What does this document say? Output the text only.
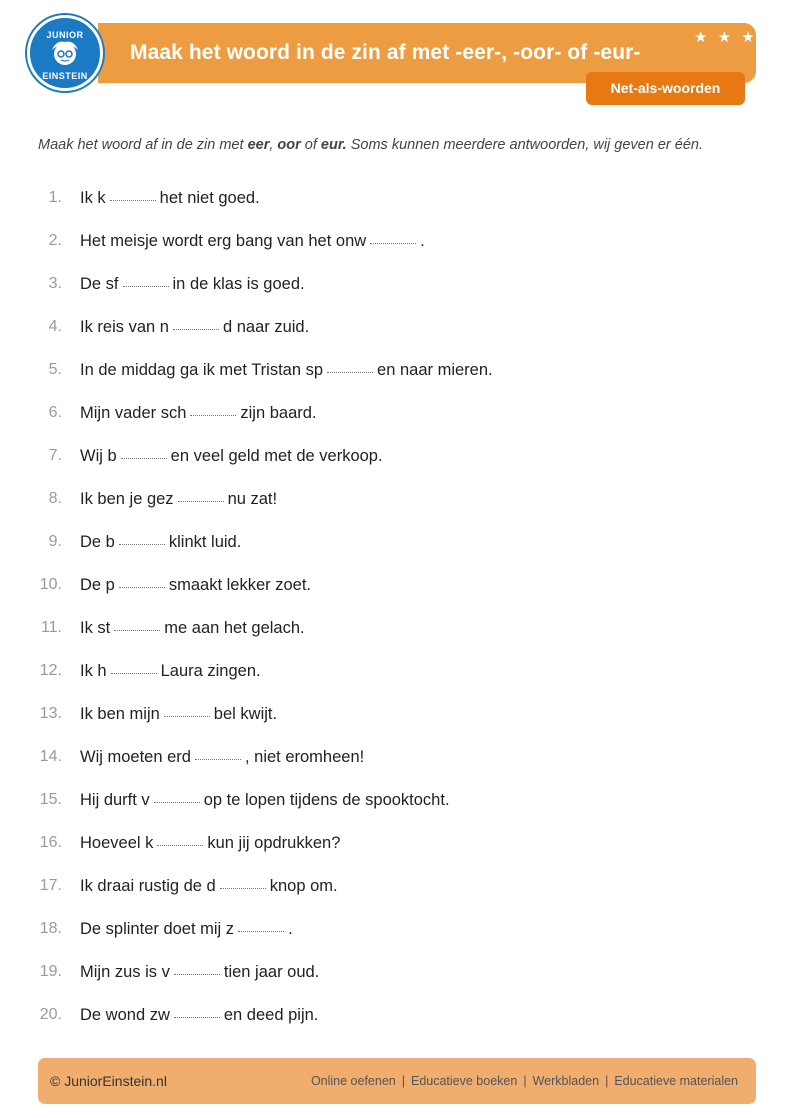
Maak het woord in de zin af met -eer-, -oor- of -eur-
★ ★ ★
Net-als-woorden
JUNIOR
EINSTEIN
Maak het woord af in de zin met eer, oor of eur. Soms kunnen meerdere antwoorden, wij geven er één.
1. Ik k	het niet goed.
2. Het meisje wordt erg bang van het onw	.
3. De sf	in de klas is goed.
4. Ik reis van n	d naar zuid.
5. In de middag ga ik met Tristan sp	en naar mieren.
6. Mijn vader sch	zijn baard.
7. Wij b	en veel geld met de verkoop.
8. Ik ben je gez	nu zat!
9. De b	klinkt luid.
10. De p	smaakt lekker zoet.
11. Ik st	me aan het gelach.
12. Ik h	Laura zingen.
13. Ik ben mijn	bel kwijt.
14. Wij moeten erd	, niet eromheen!
15. Hij durft v	op te lopen tijdens de spooktocht.
16. Hoeveel k	kun jij opdrukken?
17. Ik draai rustig de d	knop om.
18. De splinter doet mij z	.
19. Mijn zus is v	tien jaar oud.
20. De wond zw	en deed pijn.
© JuniorEinstein.nl	Online oefenen | Educatieve boeken | Werkbladen | Educatieve materialen
